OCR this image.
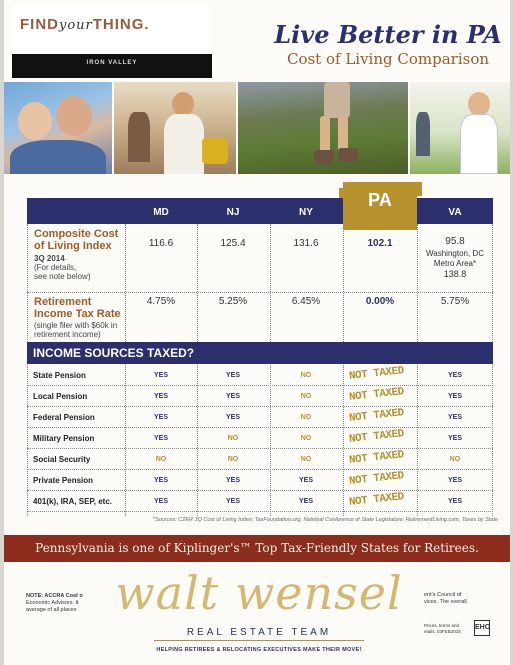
FINDyourTHING.
IRON VALLEY
Live Better in PA
Cost of Living Comparison
MD	NJ	NY	VA
PA
Composite Cost
of Living Index
3Q 2014
(For details,
see note below)
116.6	125.4	131.6	102.1	95.8
Washington, DC
Metro Area*
138.8
Retirement
Income Tax Rate
(single filer with $60k in
retirement income)
4.75%	5.25%	6.45%	0.00%	5.75%
INCOME SOURCES TAXED?
State Pension	YES	YES	NO	NOT TAXED	YES
Local Pension	YES	YES	NO	NOT TAXED	YES
Federal Pension	YES	YES	NO	NOT TAXED	YES
Military Pension	YES	NO	NO	NOT TAXED	YES
Social Security	NO	NO	NO	NOT TAXED	NO
Private Pension	YES	YES	YES	NOT TAXED	YES
401(k), IRA, SEP, etc.	YES	YES	YES	NOT TAXED	YES
*Sources: C2ER 3Q Cost of Living Index; TaxFoundation.org, National Conference of State Legislature; RetirementLiving.com, Taxes by State
Pennsylvania is one of Kiplinger's™ Top Tax-Friendly States for Retirees.
NOTE: ACCRA Cost o
Economic Advisors. It
average of all places
ent's Council of
vices. The overall
Prices, terms and
etails. 03FEB2015
EHO
walt wensel
REAL ESTATE TEAM
HELPING RETIREES & RELOCATING EXECUTIVES MAKE THEIR MOVE!
